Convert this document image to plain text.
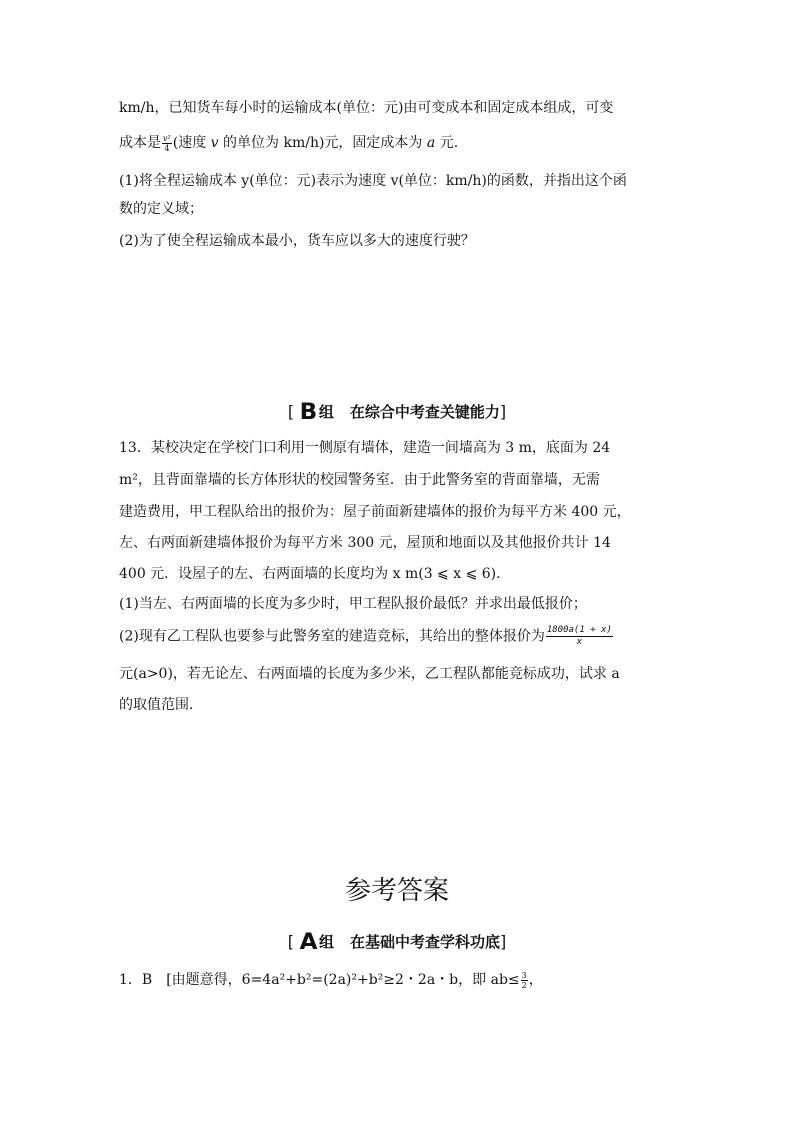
km/h，已知货车每小时的运输成本(单位：元)由可变成本和固定成本组成，可变
成本是 $\frac{\text{v²}}{4}$ (速度 v 的单位为 km/h)元，固定成本为 a 元.
(1)将全程运输成本 y(单位：元)表示为速度 v(单位：km/h)的函数，并指出这个函
数的定义域；
(2)为了使全程运输成本最小，货车应以多大的速度行驶？
[ B 组 在综合中考查关键能力]
13．某校决定在学校门口利用一侧原有墙体，建造一间墙高为 3 m，底面为 24
m²，且背面靠墙的长方体形状的校园警务室．由于此警务室的背面靠墙，无需
建造费用，甲工程队给出的报价为：屋子前面新建墙体的报价为每平方米 400 元，
左、右两面新建墙体报价为每平方米 300 元，屋顶和地面以及其他报价共计 14
400 元．设屋子的左、右两面墙的长度均为 x m(3 ⩽ x ⩽ 6)．
(1)当左、右两面墙的长度为多少时，甲工程队报价最低？并求出最低报价；
(2)现有乙工程队也要参与此警务室的建造竞标，其给出的整体报价为 $\frac{1800a(1 + x)}{x}$
元(a>0)，若无论左、右两面墙的长度为多少米，乙工程队都能竞标成功，试求 a
的取值范围．
参考答案
[ A 组 在基础中考查学科功底]
1．B　[由题意得，6=4a²+b²=(2a)²+b²≥2・2a・b，即 $ab\le \frac{3}{2}$ ，
